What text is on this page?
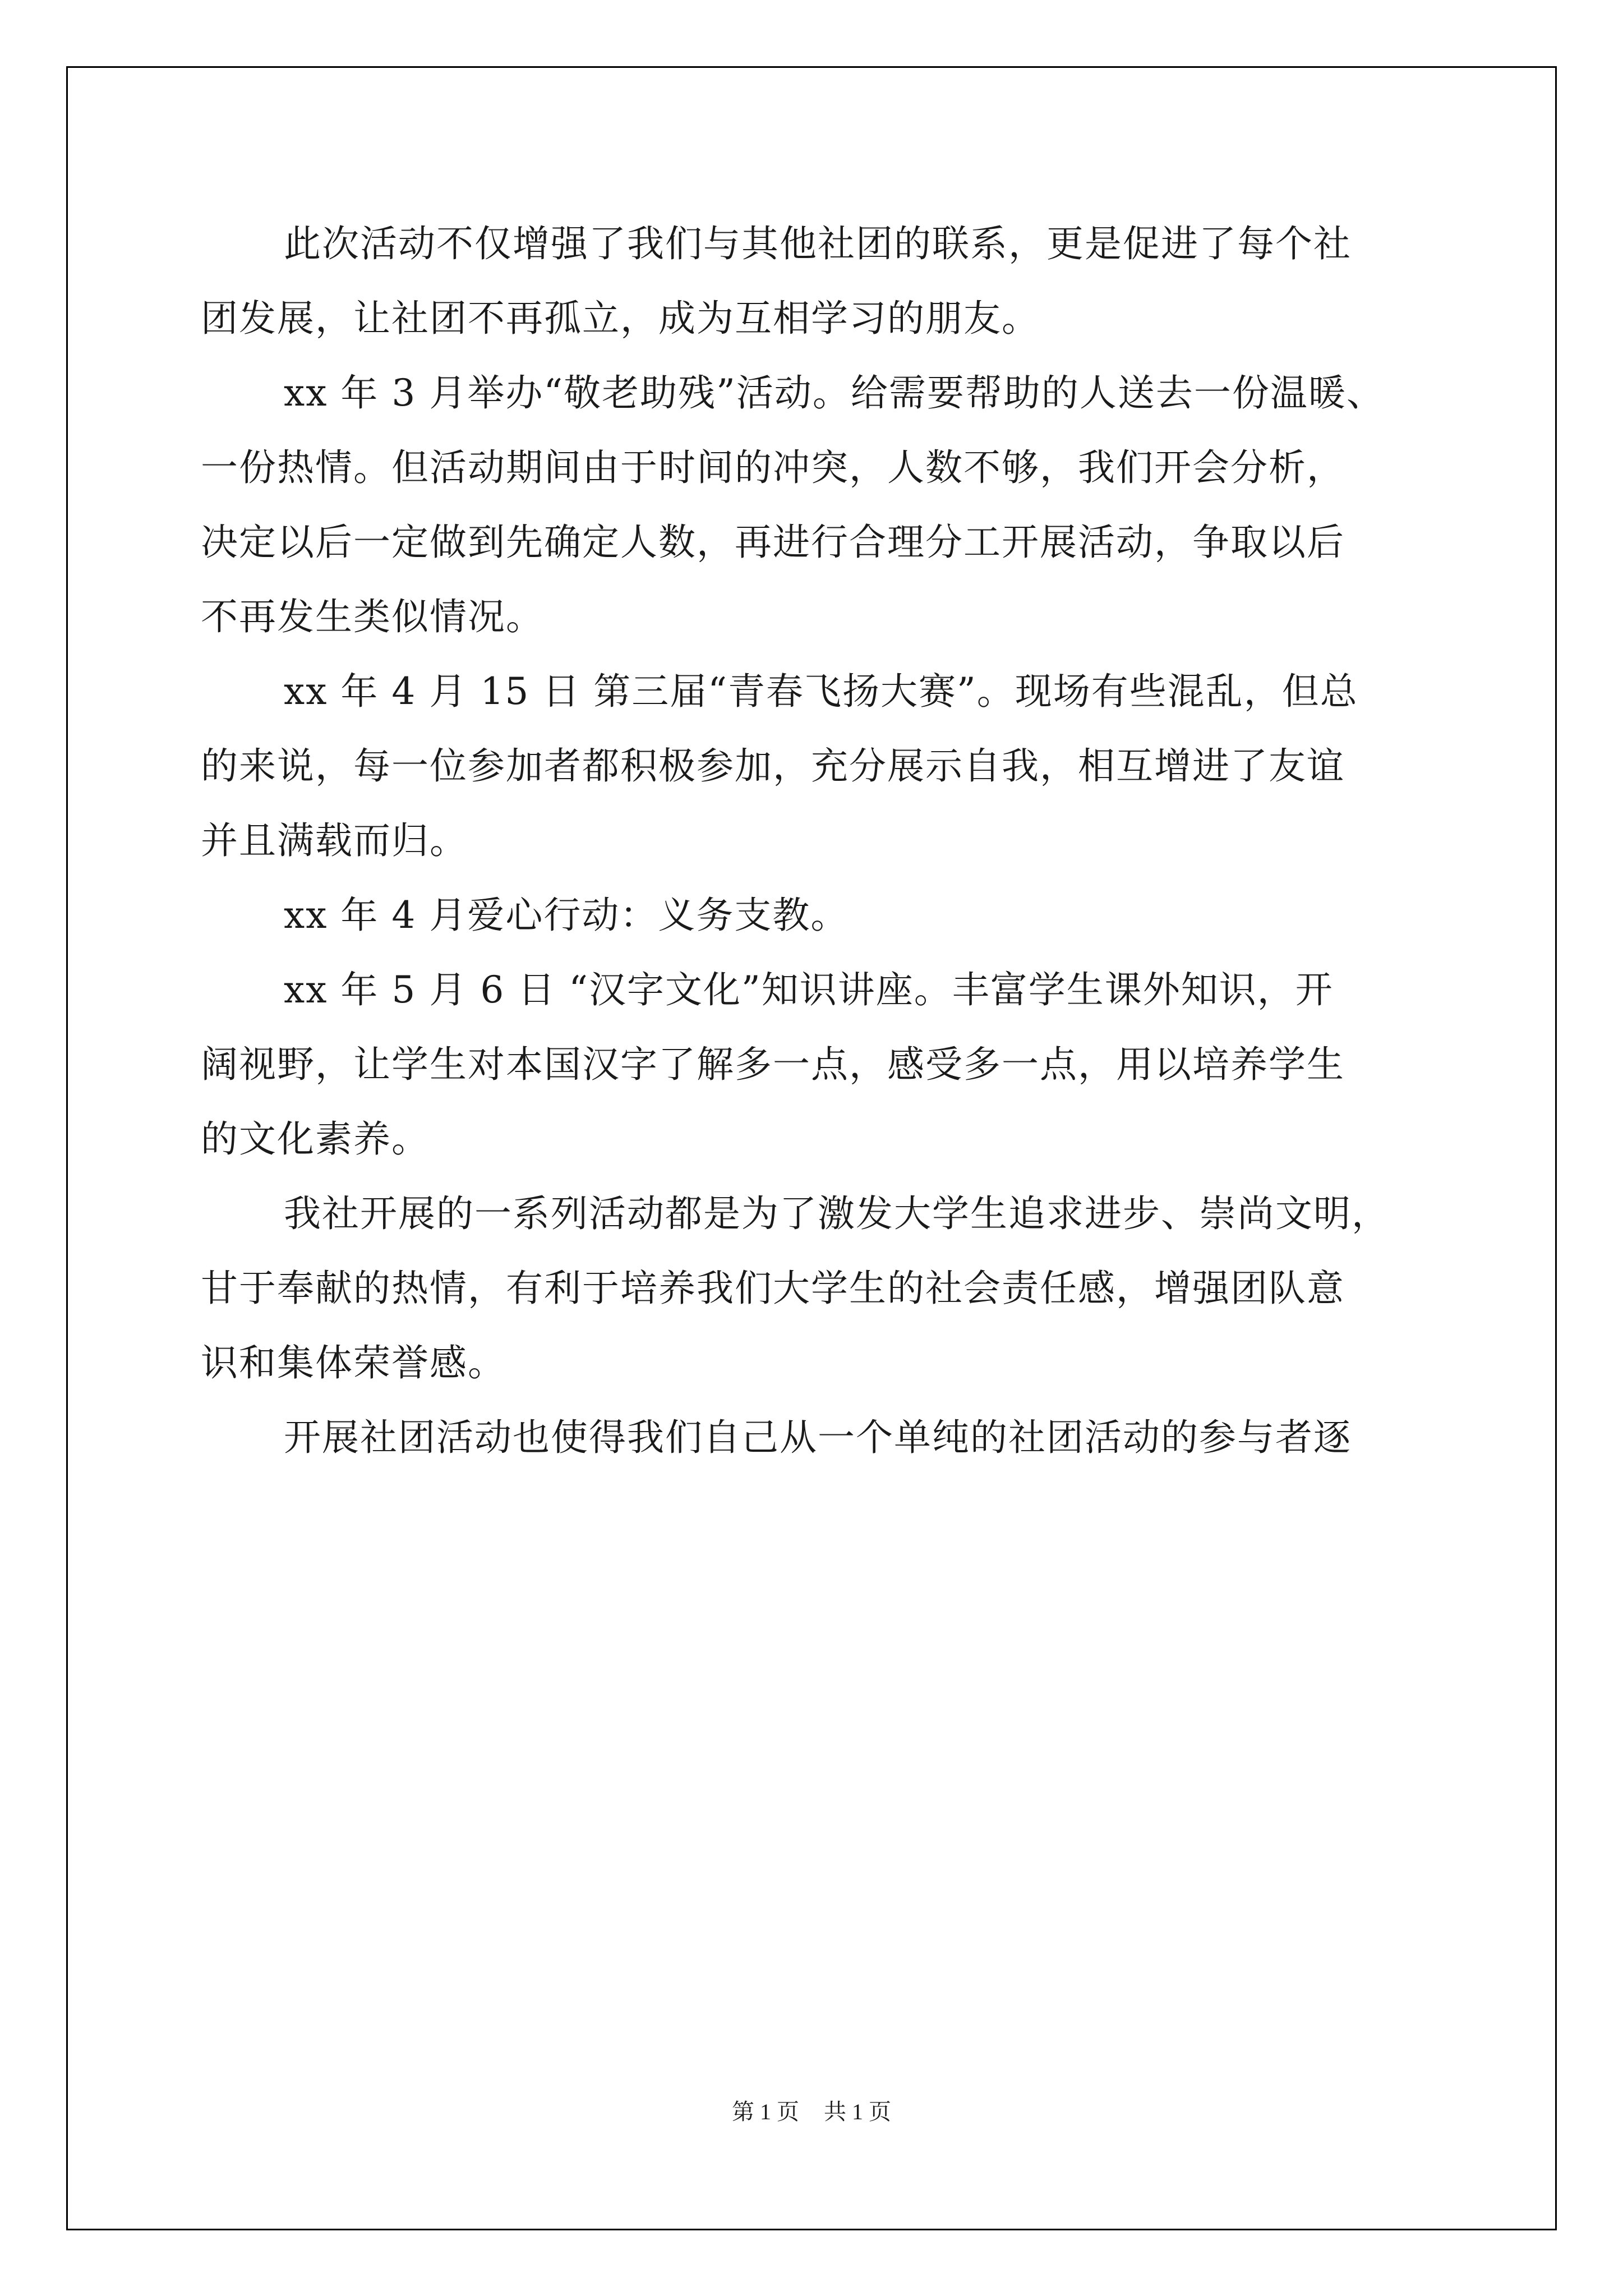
此次活动不仅增强了我们与其他社团的联系，更是促进了每个社
团发展，让社团不再孤立，成为互相学习的朋友。
xx 年 3 月举办“敬老助残”活动。给需要帮助的人送去一份温暖、
一份热情。但活动期间由于时间的冲突，人数不够，我们开会分析，
决定以后一定做到先确定人数，再进行合理分工开展活动，争取以后
不再发生类似情况。
xx 年 4 月 15 日 第三届“青春飞扬大赛”。现场有些混乱，但总
的来说，每一位参加者都积极参加，充分展示自我，相互增进了友谊
并且满载而归。
xx 年 4 月爱心行动：义务支教。
xx 年 5 月 6 日 “汉字文化”知识讲座。丰富学生课外知识，开
阔视野，让学生对本国汉字了解多一点，感受多一点，用以培养学生
的文化素养。
我社开展的一系列活动都是为了激发大学生追求进步、崇尚文明，
甘于奉献的热情，有利于培养我们大学生的社会责任感，增强团队意
识和集体荣誉感。
开展社团活动也使得我们自己从一个单纯的社团活动的参与者逐
第 1 页 共 1 页
